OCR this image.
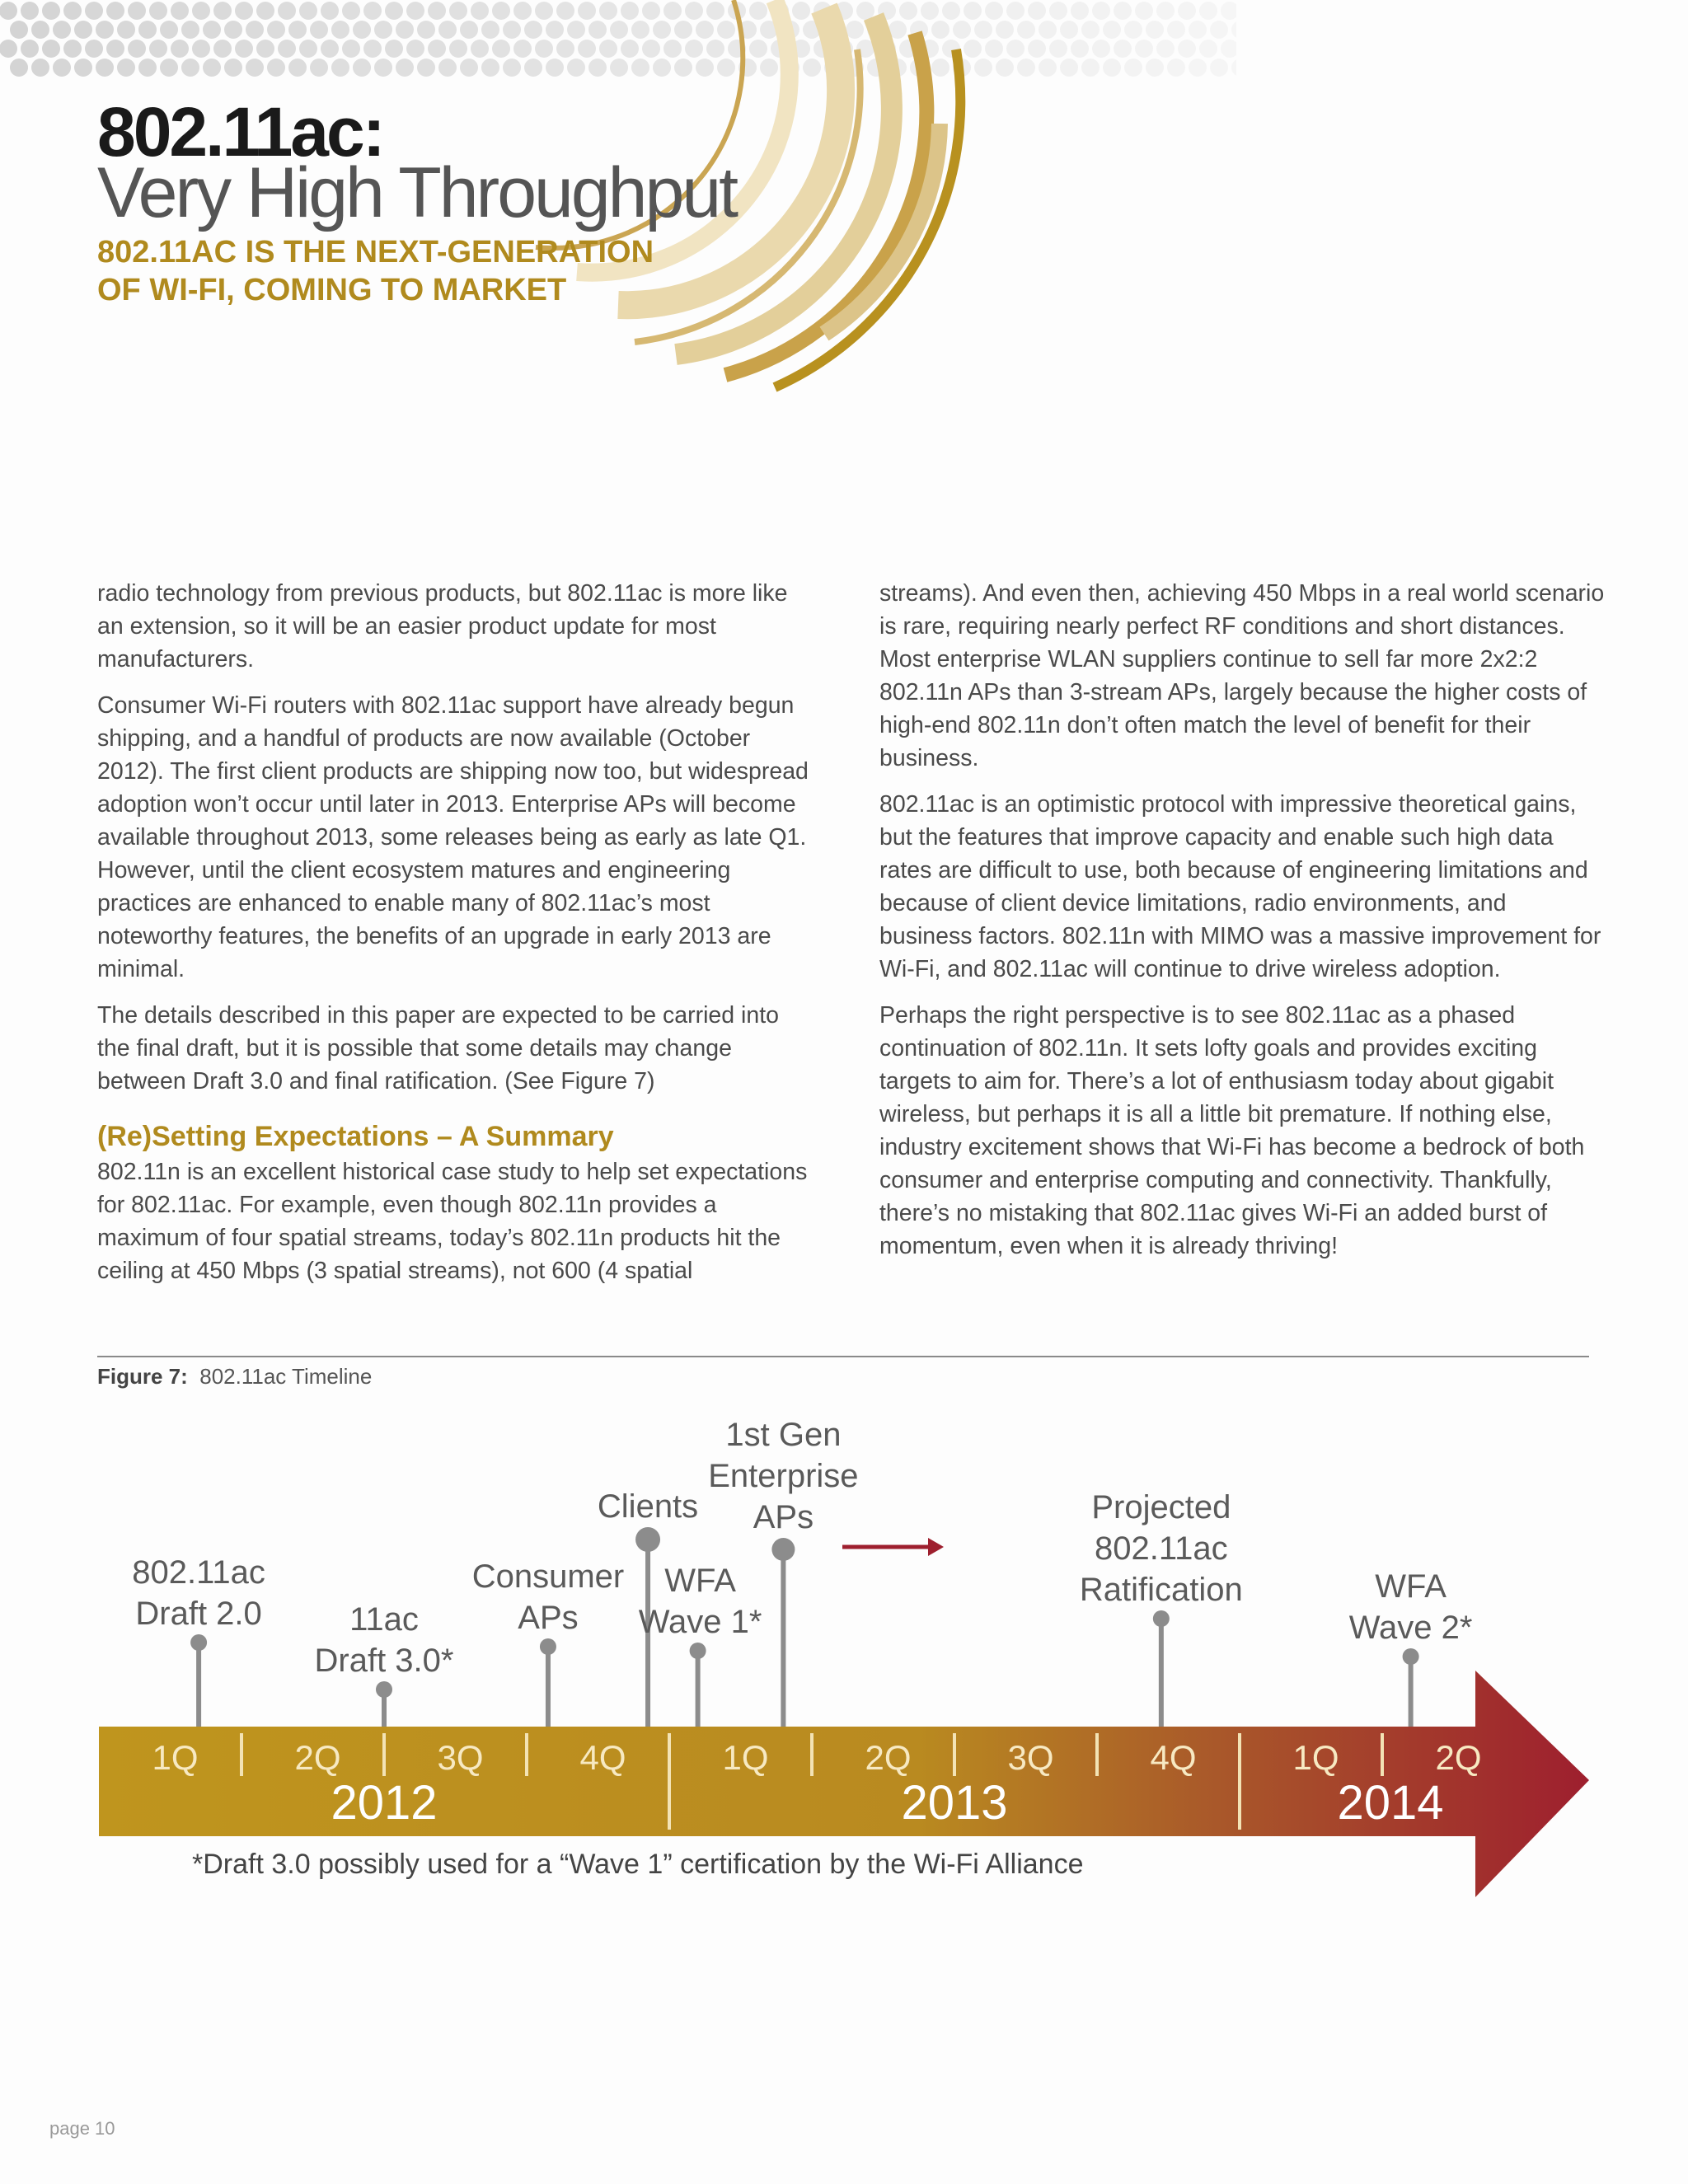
802.11ac:
Very High Throughput
802.11AC IS THE NEXT-GENERATION
OF WI-FI, COMING TO MARKET

radio technology from previous products, but 802.11ac is more like an extension, so it will be an easier product update for most manufacturers.

Consumer Wi-Fi routers with 802.11ac support have already begun shipping, and a handful of products are now available (October 2012). The first client products are shipping now too, but widespread adoption won’t occur until later in 2013. Enterprise APs will become available throughout 2013, some releases being as early as late Q1. However, until the client ecosystem matures and engineering practices are enhanced to enable many of 802.11ac’s most noteworthy features, the benefits of an upgrade in early 2013 are minimal.

The details described in this paper are expected to be carried into the final draft, but it is possible that some details may change between Draft 3.0 and final ratification. (See Figure 7)

(Re)Setting Expectations – A Summary

802.11n is an excellent historical case study to help set expectations for 802.11ac. For example, even though 802.11n provides a maximum of four spatial streams, today’s 802.11n products hit the ceiling at 450 Mbps (3 spatial streams), not 600 (4 spatial

streams). And even then, achieving 450 Mbps in a real world scenario is rare, requiring nearly perfect RF conditions and short distances. Most enterprise WLAN suppliers continue to sell far more 2x2:2 802.11n APs than 3-stream APs, largely because the higher costs of high-end 802.11n don’t often match the level of benefit for their business.

802.11ac is an optimistic protocol with impressive theoretical gains, but the features that improve capacity and enable such high data rates are difficult to use, both because of engineering limitations and because of client device limitations, radio environments, and business factors. 802.11n with MIMO was a massive improvement for Wi-Fi, and 802.11ac will continue to drive wireless adoption.

Perhaps the right perspective is to see 802.11ac as a phased continuation of 802.11n. It sets lofty goals and provides exciting targets to aim for. There’s a lot of enthusiasm today about gigabit wireless, but perhaps it is all a little bit premature. If nothing else, industry excitement shows that Wi-Fi has become a bedrock of both consumer and enterprise computing and connectivity. Thankfully, there’s no mistaking that 802.11ac gives Wi-Fi an added burst of momentum, even when it is already thriving!

Figure 7: 802.11ac Timeline
1Q	2Q	3Q	4Q	1Q	2Q	3Q	4Q	1Q	2Q
2012	2013	2014
802.11ac
Draft 2.0	11ac
Draft 3.0*
Consumer
APs
Clients
WFA
Wave 1*
1st Gen
Enterprise
APs	Projected
802.11ac
Ratification	WFA
Wave 2*
*Draft 3.0 possibly used for a “Wave 1” certification by the Wi-Fi Alliance
page 10
